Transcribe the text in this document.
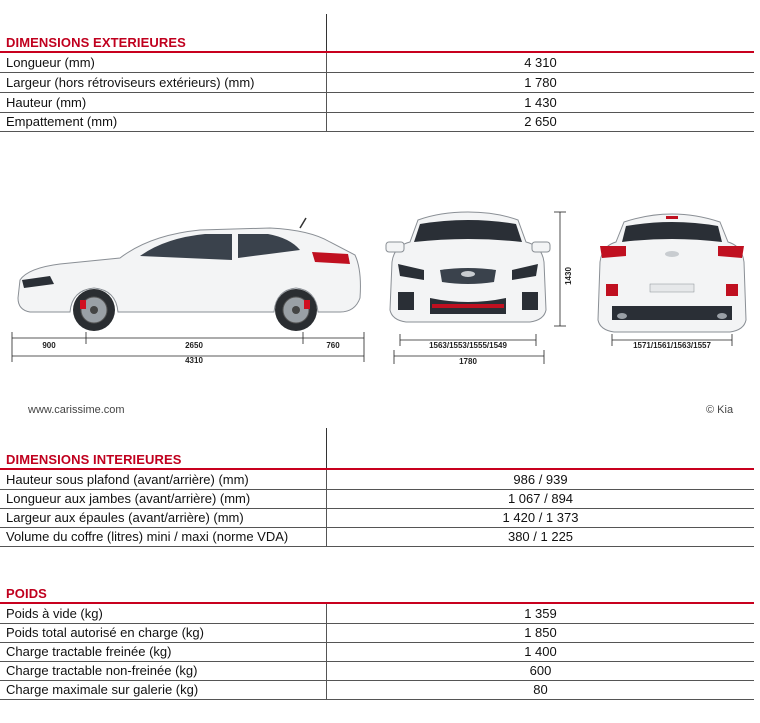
DIMENSIONS EXTERIEURES
Longueur (mm)	4 310
Largeur (hors rétroviseurs extérieurs) (mm)	1 780
Hauteur (mm)	1 430
Empattement (mm)	2 650
900	2650	760
4310
1430
1563/1553/1555/1549
1780
1571/1561/1563/1557
www.carissime.com	© Kia
DIMENSIONS INTERIEURES
Hauteur sous plafond (avant/arrière) (mm)	986 / 939
Longueur aux jambes (avant/arrière) (mm)	1 067 / 894
Largeur aux épaules (avant/arrière) (mm)	1 420 / 1 373
Volume du coffre (litres) mini / maxi (norme VDA)	380 / 1 225
POIDS
Poids à vide (kg)	1 359
Poids total autorisé en charge (kg)	1 850
Charge tractable freinée (kg)	1 400
Charge tractable non-freinée (kg)	600
Charge maximale sur galerie (kg)	80
